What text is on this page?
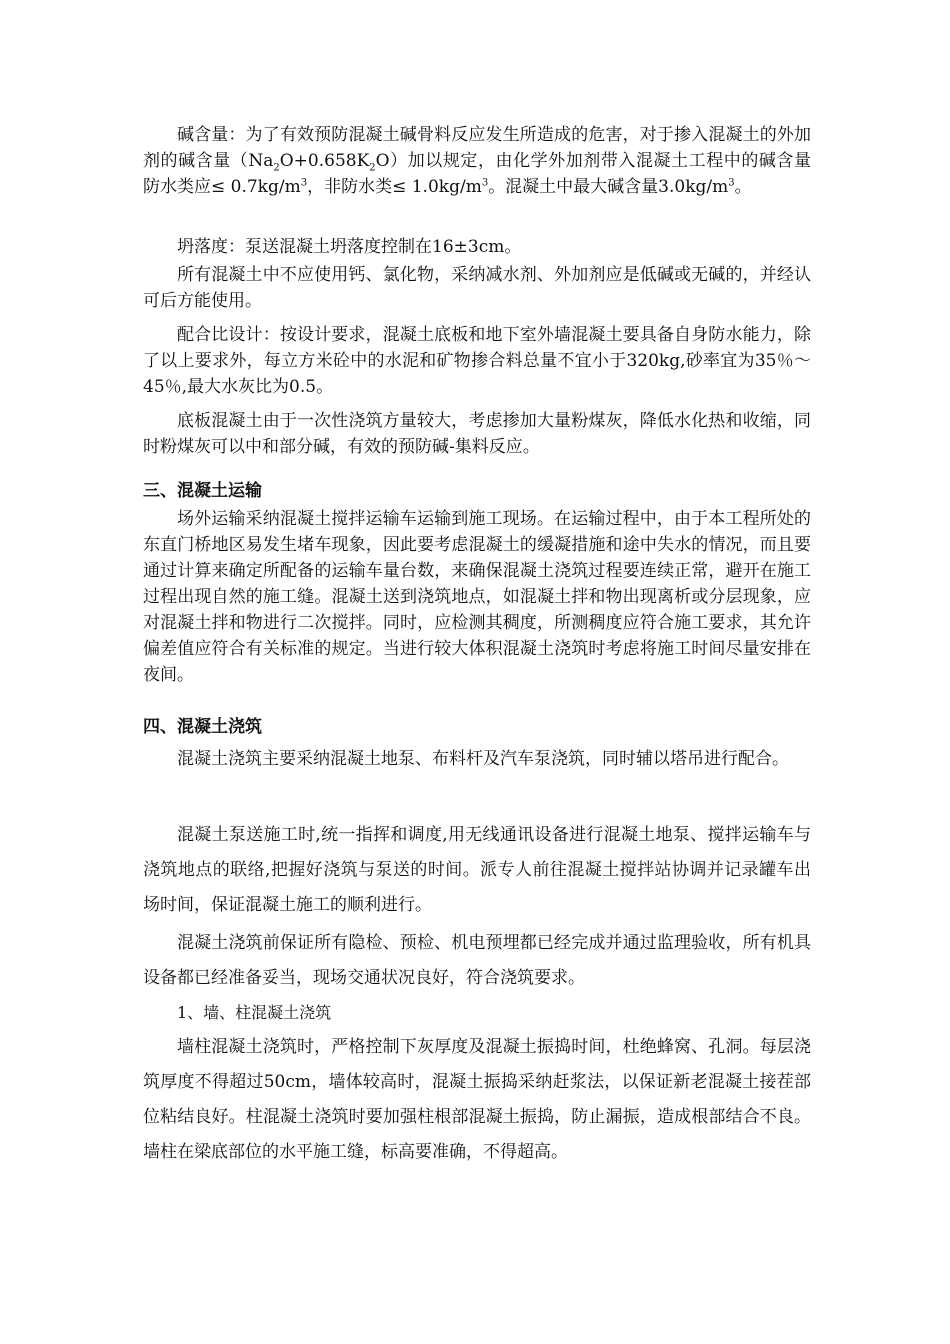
碱含量：为了有效预防混凝土碱骨料反应发生所造成的危害，对于掺入混凝土的外加剂的碱含量$(Na_2O+0.658K_2O)$加以规定，由化学外加剂带入混凝土工程中的碱含量防水类应≤ $0.7kg/m^3$，非防水类≤ $1.0kg/m^3$。混凝土中最大碱含量$3.0kg/m^3$。

坍落度：泵送混凝土坍落度控制在16±3cm。

所有混凝土中不应使用钙、氯化物，采纳减水剂、外加剂应是低碱或无碱的，并经认可后方能使用。

配合比设计：按设计要求，混凝土底板和地下室外墙混凝土要具备自身防水能力，除了以上要求外，每立方米砼中的水泥和矿物掺合料总量不宜小于320kg,砂率宜为35％～45％,最大水灰比为0.5。

底板混凝土由于一次性浇筑方量较大，考虑掺加大量粉煤灰，降低水化热和收缩，同时粉煤灰可以中和部分碱，有效的预防碱-集料反应。

三、混凝土运输

场外运输采纳混凝土搅拌运输车运输到施工现场。在运输过程中，由于本工程所处的东直门桥地区易发生堵车现象，因此要考虑混凝土的缓凝措施和途中失水的情况，而且要通过计算来确定所配备的运输车量台数，来确保混凝土浇筑过程要连续正常，避开在施工过程出现自然的施工缝。混凝土送到浇筑地点，如混凝土拌和物出现离析或分层现象，应对混凝土拌和物进行二次搅拌。同时，应检测其稠度，所测稠度应符合施工要求，其允许偏差值应符合有关标准的规定。当进行较大体积混凝土浇筑时考虑将施工时间尽量安排在夜间。

四、混凝土浇筑

混凝土浇筑主要采纳混凝土地泵、布料杆及汽车泵浇筑，同时辅以塔吊进行配合。

混凝土泵送施工时,统一指挥和调度,用无线通讯设备进行混凝土地泵、搅拌运输车与浇筑地点的联络,把握好浇筑与泵送的时间。派专人前往混凝土搅拌站协调并记录罐车出场时间，保证混凝土施工的顺利进行。

混凝土浇筑前保证所有隐检、预检、机电预埋都已经完成并通过监理验收，所有机具设备都已经准备妥当，现场交通状况良好，符合浇筑要求。

1、墙、柱混凝土浇筑

墙柱混凝土浇筑时，严格控制下灰厚度及混凝土振捣时间，杜绝蜂窝、孔洞。每层浇筑厚度不得超过50cm，墙体较高时，混凝土振捣采纳赶浆法，以保证新老混凝土接茬部位粘结良好。柱混凝土浇筑时要加强柱根部混凝土振捣，防止漏振，造成根部结合不良。墙柱在梁底部位的水平施工缝，标高要准确，不得超高。
